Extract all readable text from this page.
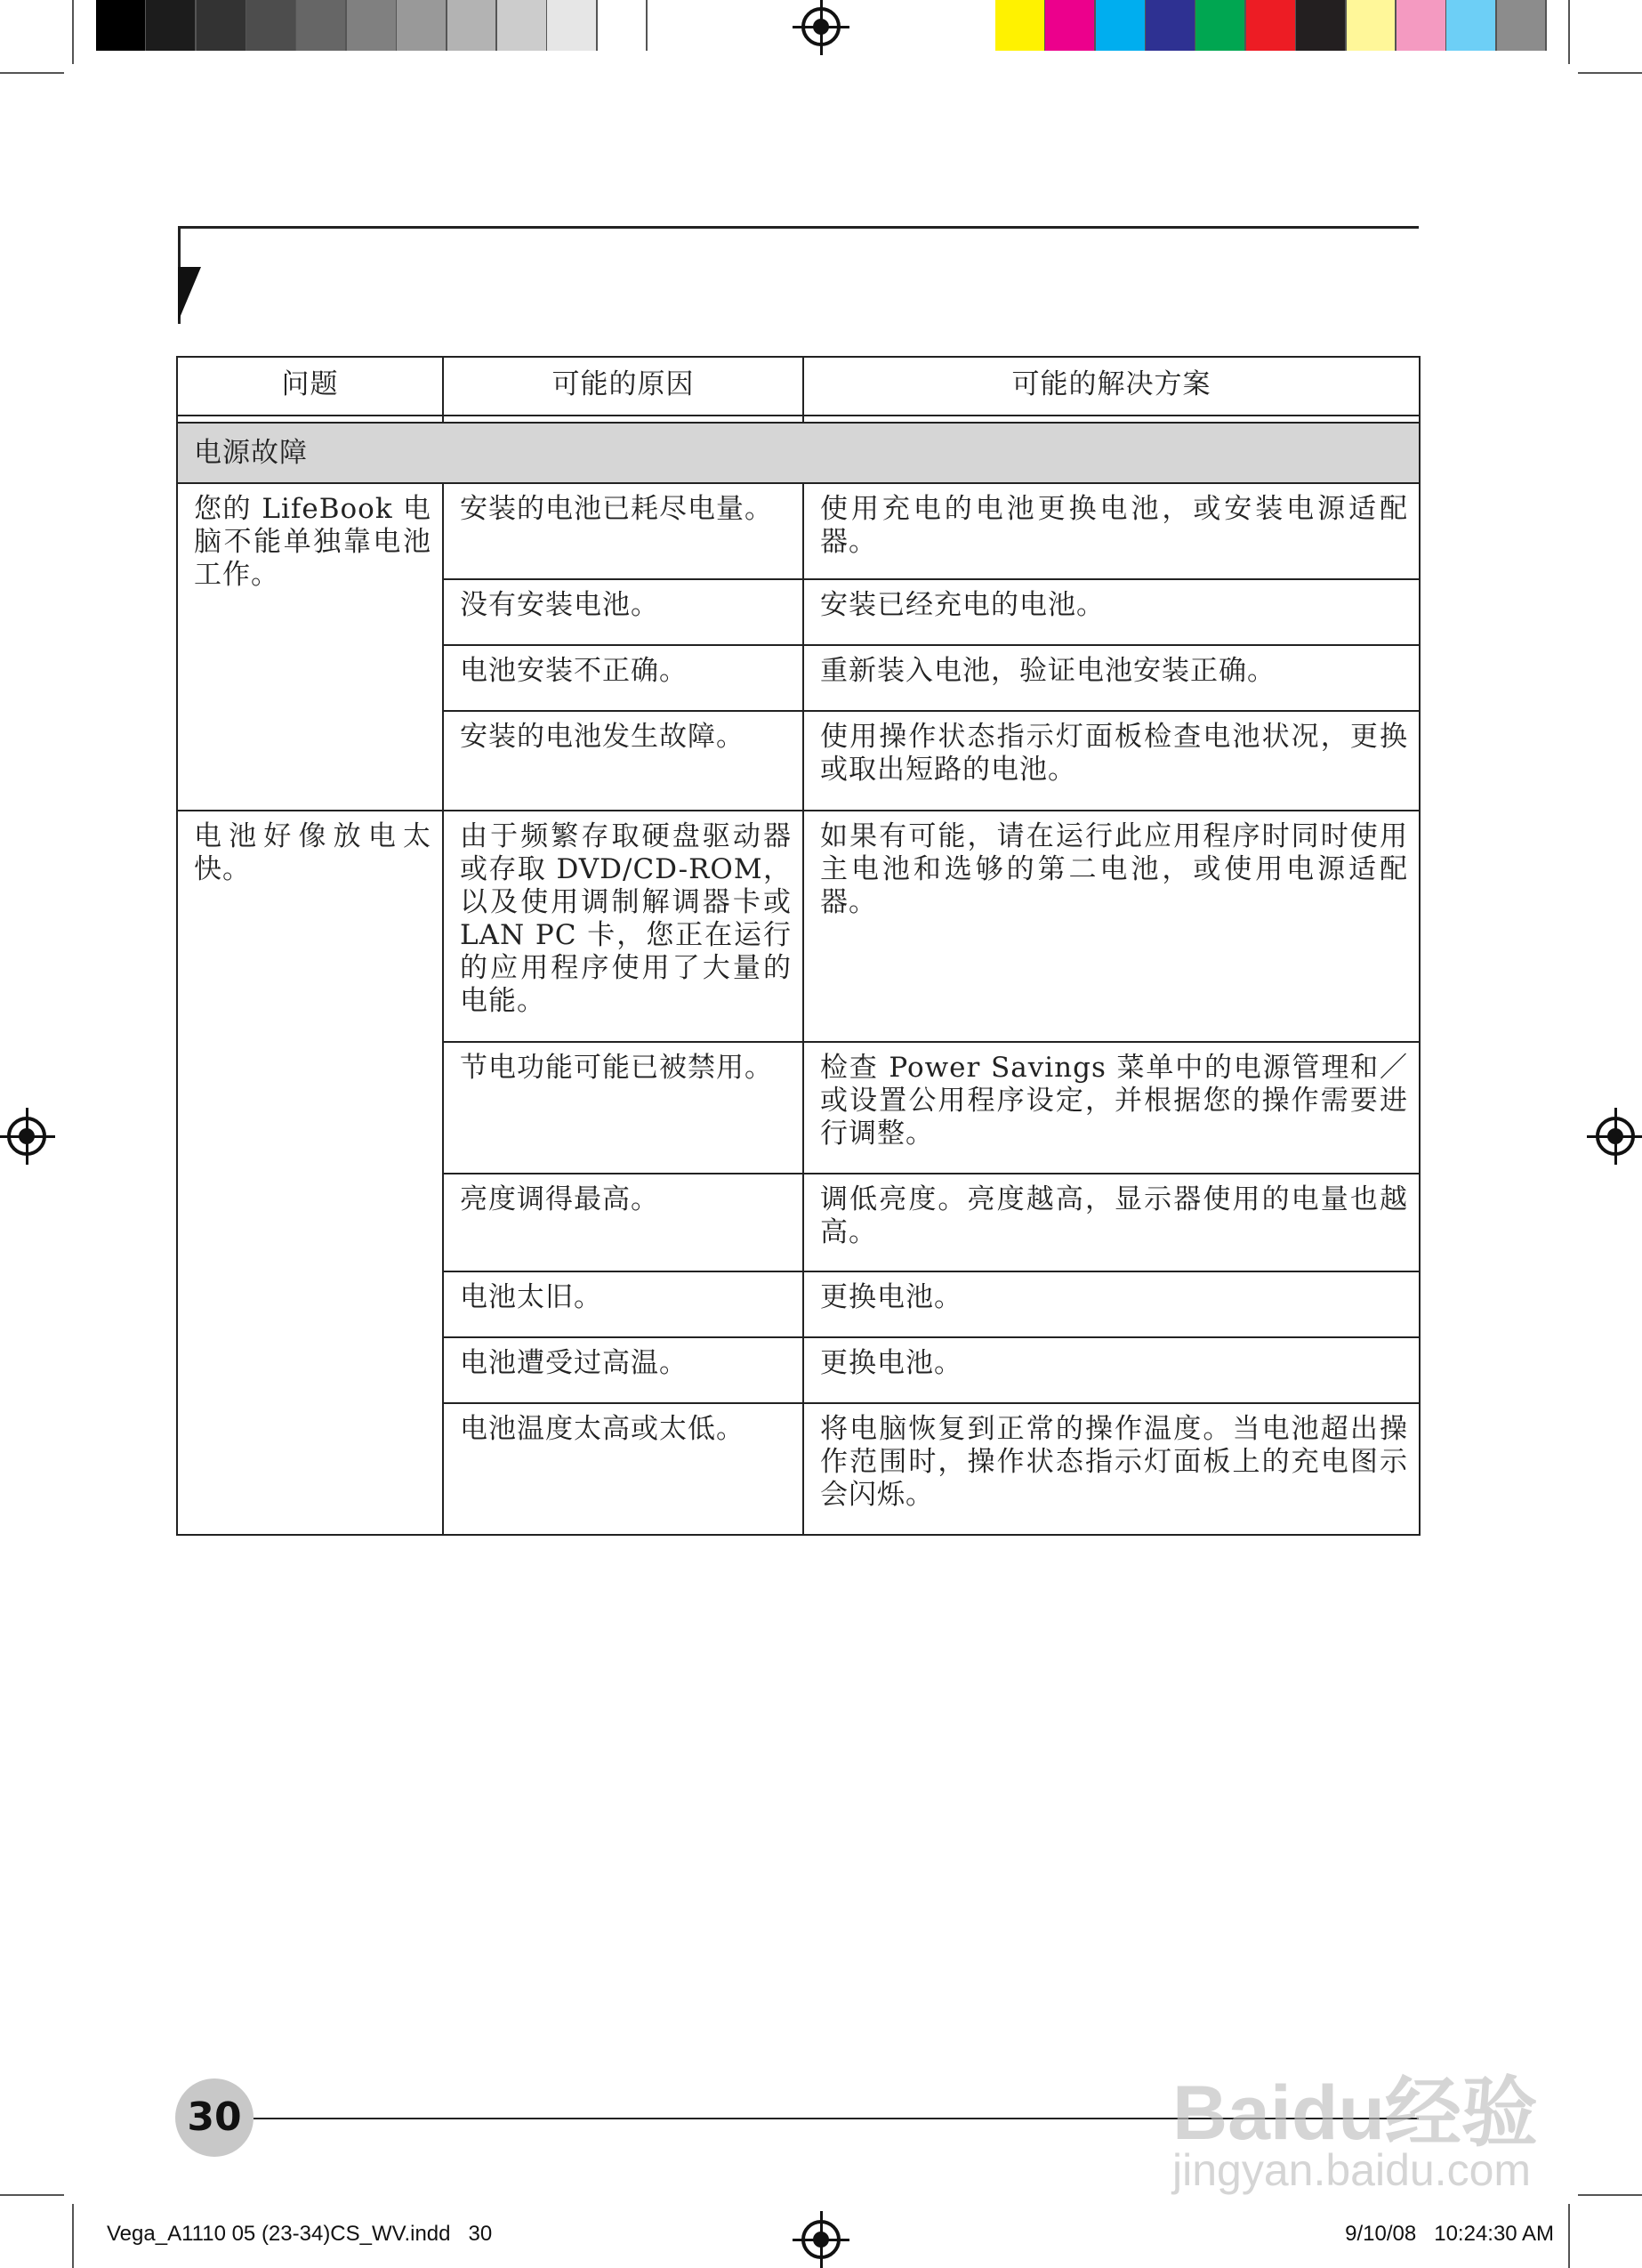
问题	可能的原因	可能的解决方案

电源故障		
您的 LifeBook 电脑不能单独靠电池工作。	安装的电池已耗尽电量。	使用充电的电池更换电池，或安装电源适配器。
	没有安装电池。	安装已经充电的电池。
	电池安装不正确。	重新装入电池，验证电池安装正确。
	安装的电池发生故障。	使用操作状态指示灯面板检查电池状况，更换或取出短路的电池。
电池好像放电太快。	由于频繁存取硬盘驱动器或存取 DVD/CD-ROM，以及使用调制解调器卡或 LAN PC 卡，您正在运行的应用程序使用了大量的电能。	如果有可能，请在运行此应用程序时同时使用主电池和选够的第二电池，或使用电源适配器。
	节电功能可能已被禁用。	检查 Power Savings 菜单中的电源管理和／或设置公用程序设定，并根据您的操作需要进行调整。
	亮度调得最高。	调低亮度。亮度越高，显示器使用的电量也越高。
	电池太旧。	更换电池。
	电池遭受过高温。	更换电池。
	电池温度太高或太低。	将电脑恢复到正常的操作温度。当电池超出操作范围时，操作状态指示灯面板上的充电图示会闪烁。
30	Baidu经验
jingyan.baidu.com
Vega_A1110 05 (23-34)CS_WV.indd   30	9/10/08   10:24:30 AM
